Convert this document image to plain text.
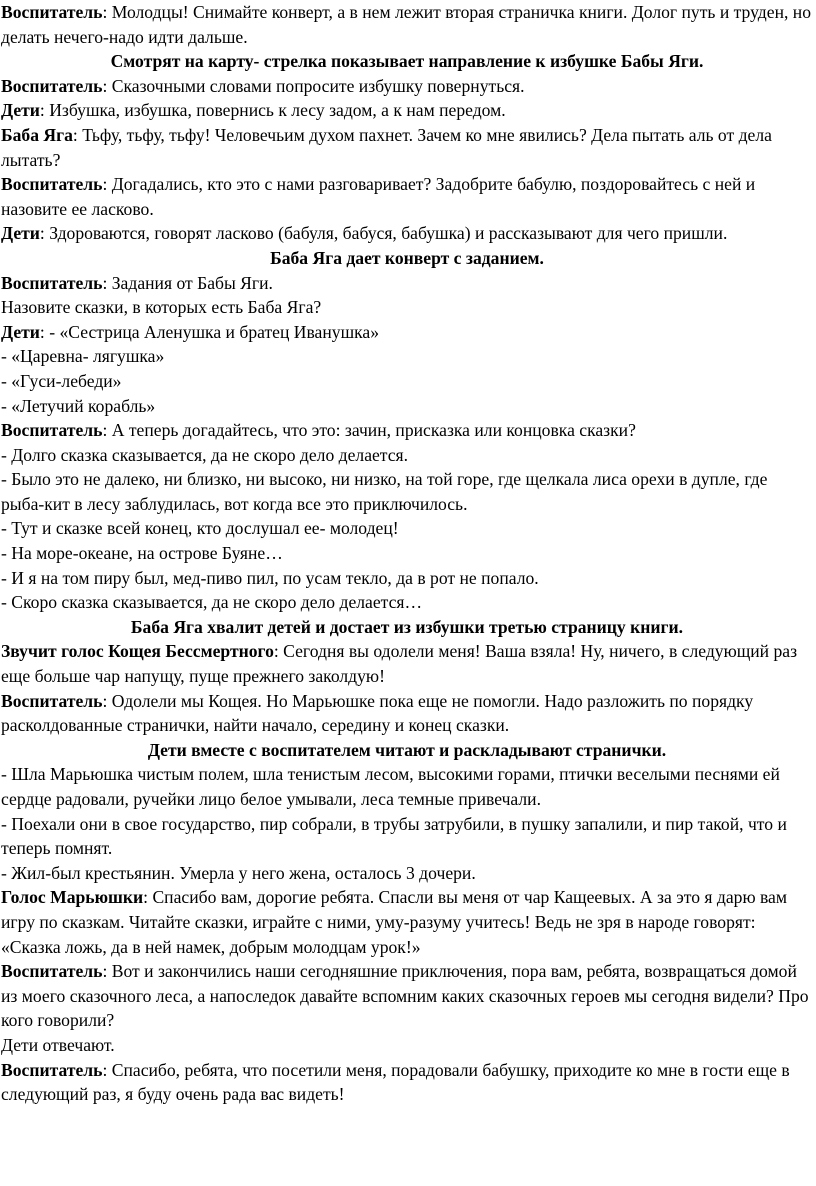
Воспитатель: Молодцы! Снимайте конверт, а в нем лежит вторая страничка книги. Долог путь и труден, но делать нечего-надо идти дальше.

Смотрят на карту- стрелка показывает направление к избушке Бабы Яги.

Воспитатель: Сказочными словами попросите избушку повернуться.

Дети: Избушка, избушка, повернись к лесу задом, а к нам передом.

Баба Яга: Тьфу, тьфу, тьфу! Человечьим духом пахнет. Зачем ко мне явились? Дела пытать аль от дела лытать?

Воспитатель: Догадались, кто это с нами разговаривает? Задобрите бабулю, поздоровайтесь с ней и назовите ее ласково.

Дети: Здороваются, говорят ласково (бабуля, бабуся, бабушка) и рассказывают для чего пришли.

Баба Яга дает конверт с заданием.

Воспитатель: Задания от Бабы Яги.

Назовите сказки, в которых есть Баба Яга?

Дети: - «Сестрица Аленушка и братец Иванушка»

- «Царевна- лягушка»

- «Гуси-лебеди»

- «Летучий корабль»

Воспитатель: А теперь догадайтесь, что это: зачин, присказка или концовка сказки?

- Долго сказка сказывается, да не скоро дело делается.

- Было это не далеко, ни близко, ни высоко, ни низко, на той горе, где щелкала лиса орехи в дупле, где рыба-кит в лесу заблудилась, вот когда все это приключилось.

- Тут и сказке всей конец, кто дослушал ее- молодец!

- На море-океане, на острове Буяне…

- И я на том пиру был, мед-пиво пил, по усам текло, да в рот не попало.

- Скоро сказка сказывается, да не скоро дело делается…

Баба Яга хвалит детей и достает из избушки третью страницу книги.

Звучит голос Кощея Бессмертного: Сегодня вы одолели меня! Ваша взяла! Ну, ничего, в следующий раз еще больше чар напущу, пуще прежнего заколдую!

Воспитатель: Одолели мы Кощея. Но Марьюшке пока еще не помогли. Надо разложить по порядку расколдованные странички, найти начало, середину и конец сказки.

Дети вместе с воспитателем читают и раскладывают странички.

- Шла Марьюшка чистым полем, шла тенистым лесом, высокими горами, птички веселыми песнями ей сердце радовали, ручейки лицо белое умывали, леса темные привечали.

- Поехали они в свое государство, пир собрали, в трубы затрубили, в пушку запалили, и пир такой, что и теперь помнят.

- Жил-был крестьянин. Умерла у него жена, осталось 3 дочери.

Голос Марьюшки: Спасибо вам, дорогие ребята. Спасли вы меня от чар Кащеевых. А за это я дарю вам игру по сказкам. Читайте сказки, играйте с ними, уму-разуму учитесь! Ведь не зря в народе говорят: «Сказка ложь, да в ней намек, добрым молодцам урок!»

Воспитатель: Вот и закончились наши сегодняшние приключения, пора вам, ребята, возвращаться домой из моего сказочного леса, а напоследок давайте вспомним каких сказочных героев мы сегодня видели? Про кого говорили?

Дети отвечают.

Воспитатель: Спасибо, ребята, что посетили меня, порадовали бабушку, приходите ко мне в гости еще в следующий раз, я буду очень рада вас видеть!
